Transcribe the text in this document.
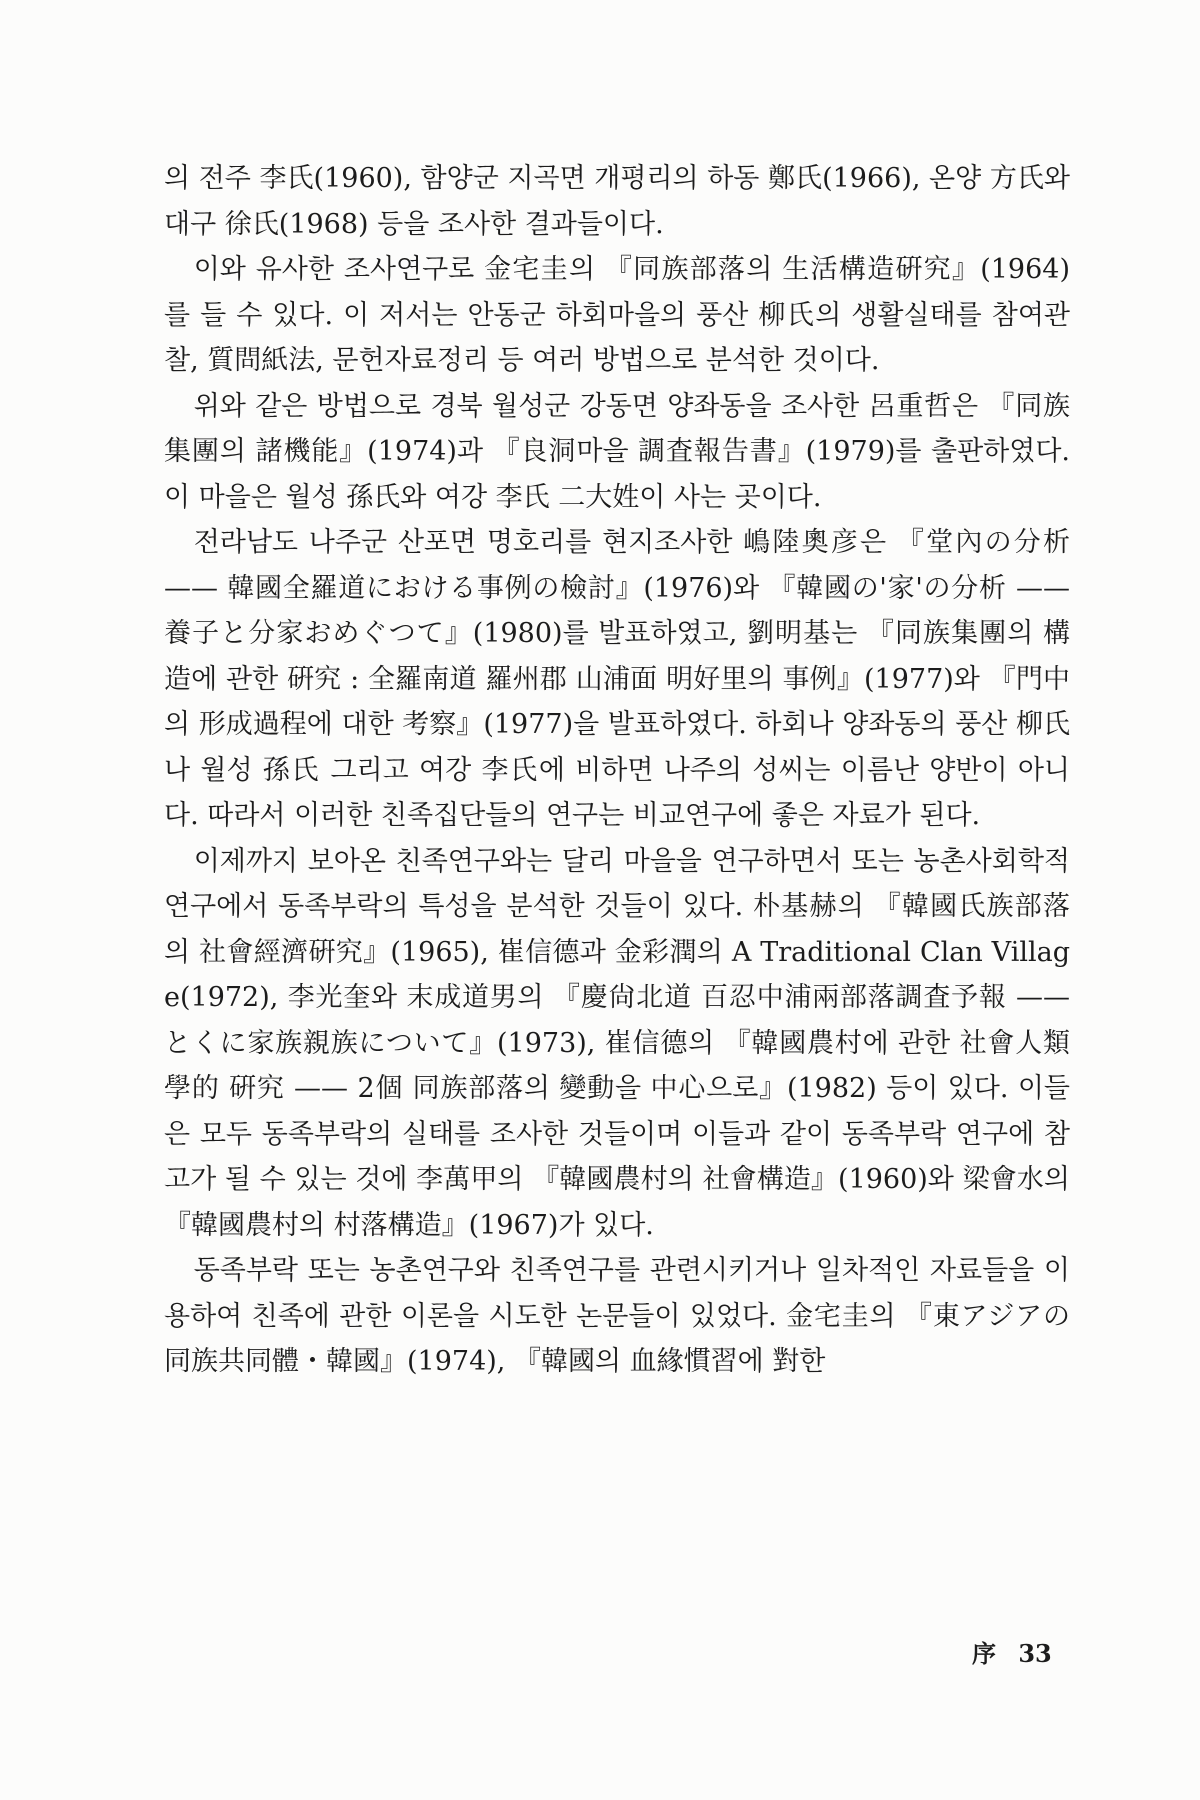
의 전주 李氏(1960), 함양군 지곡면 개평리의 하동 鄭氏(1966), 온양 方氏와 대구 徐氏(1968) 등을 조사한 결과들이다.

이와 유사한 조사연구로 金宅圭의 『同族部落의 生活構造硏究』(1964)를 들 수 있다. 이 저서는 안동군 하회마을의 풍산 柳氏의 생활실태를 참여관찰, 質問紙法, 문헌자료정리 등 여러 방법으로 분석한 것이다.

위와 같은 방법으로 경북 월성군 강동면 양좌동을 조사한 呂重哲은 『同族集團의 諸機能』(1974)과 『良洞마을 調査報告書』(1979)를 출판하였다. 이 마을은 월성 孫氏와 여강 李氏 二大姓이 사는 곳이다.

전라남도 나주군 산포면 명호리를 현지조사한 嶋陸奧彦은 『堂內の分析 —— 韓國全羅道における事例の檢討』(1976)와 『韓國の'家'の分析 —— 養子と分家おめぐつて』(1980)를 발표하였고, 劉明基는 『同族集團의 構造에 관한 硏究 : 全羅南道 羅州郡 山浦面 明好里의 事例』(1977)와 『門中의 形成過程에 대한 考察』(1977)을 발표하였다. 하회나 양좌동의 풍산 柳氏나 월성 孫氏 그리고 여강 李氏에 비하면 나주의 성씨는 이름난 양반이 아니다. 따라서 이러한 친족집단들의 연구는 비교연구에 좋은 자료가 된다.

이제까지 보아온 친족연구와는 달리 마을을 연구하면서 또는 농촌사회학적 연구에서 동족부락의 특성을 분석한 것들이 있다. 朴基赫의 『韓國氏族部落의 社會經濟硏究』(1965), 崔信德과 金彩潤의 A Traditional Clan Village(1972), 李光奎와 末成道男의 『慶尙北道 百忍中浦兩部落調査予報 —— とくに家族親族について』(1973), 崔信德의 『韓國農村에 관한 社會人類學的 硏究 —— 2個 同族部落의 變動을 中心으로』(1982) 등이 있다. 이들은 모두 동족부락의 실태를 조사한 것들이며 이들과 같이 동족부락 연구에 참고가 될 수 있는 것에 李萬甲의 『韓國農村의 社會構造』(1960)와 梁會水의 『韓國農村의 村落構造』(1967)가 있다.

동족부락 또는 농촌연구와 친족연구를 관련시키거나 일차적인 자료들을 이용하여 친족에 관한 이론을 시도한 논문들이 있었다. 金宅圭의 『東アジアの同族共同體・韓國』(1974), 『韓國의 血緣慣習에 對한

序 33
